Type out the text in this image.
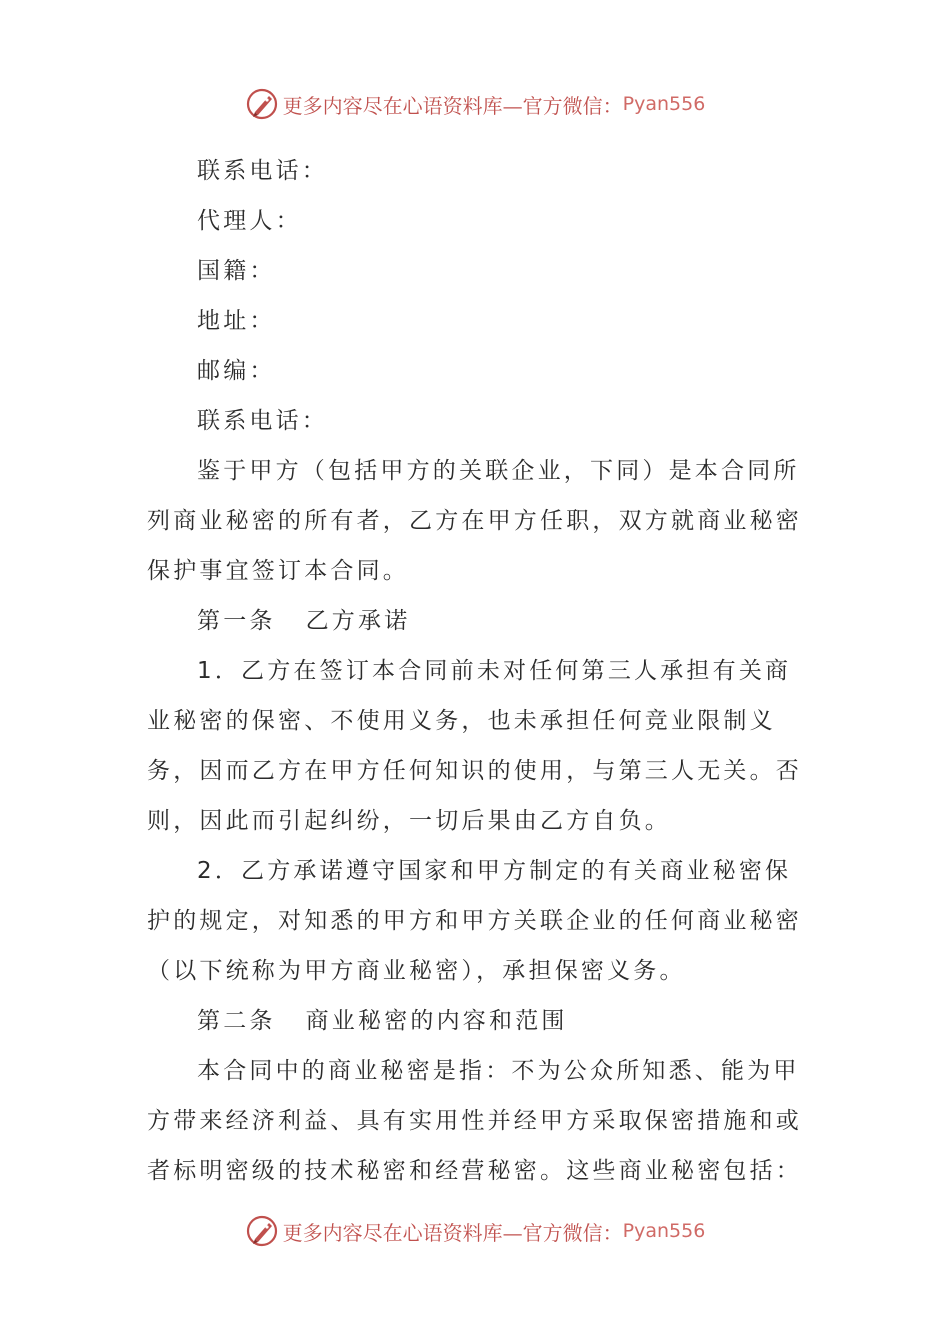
更多内容尽在心语资料库—官方微信： Pyan556

联系电话：

代理人：

国籍：

地址：

邮编：

联系电话：

鉴于甲方（包括甲方的关联企业，下同）是本合同所列商业秘密的所有者，乙方在甲方任职，双方就商业秘密保护事宜签订本合同。

第一条 乙方承诺

1．乙方在签订本合同前未对任何第三人承担有关商业秘密的保密、不使用义务，也未承担任何竞业限制义务，因而乙方在甲方任何知识的使用，与第三人无关。否则，因此而引起纠纷，一切后果由乙方自负。

2．乙方承诺遵守国家和甲方制定的有关商业秘密保护的规定，对知悉的甲方和甲方关联企业的任何商业秘密（以下统称为甲方商业秘密），承担保密义务。

第二条 商业秘密的内容和范围

本合同中的商业秘密是指：不为公众所知悉、能为甲方带来经济利益、具有实用性并经甲方采取保密措施和或者标明密级的技术秘密和经营秘密。这些商业秘密包括：

更多内容尽在心语资料库—官方微信： Pyan556
